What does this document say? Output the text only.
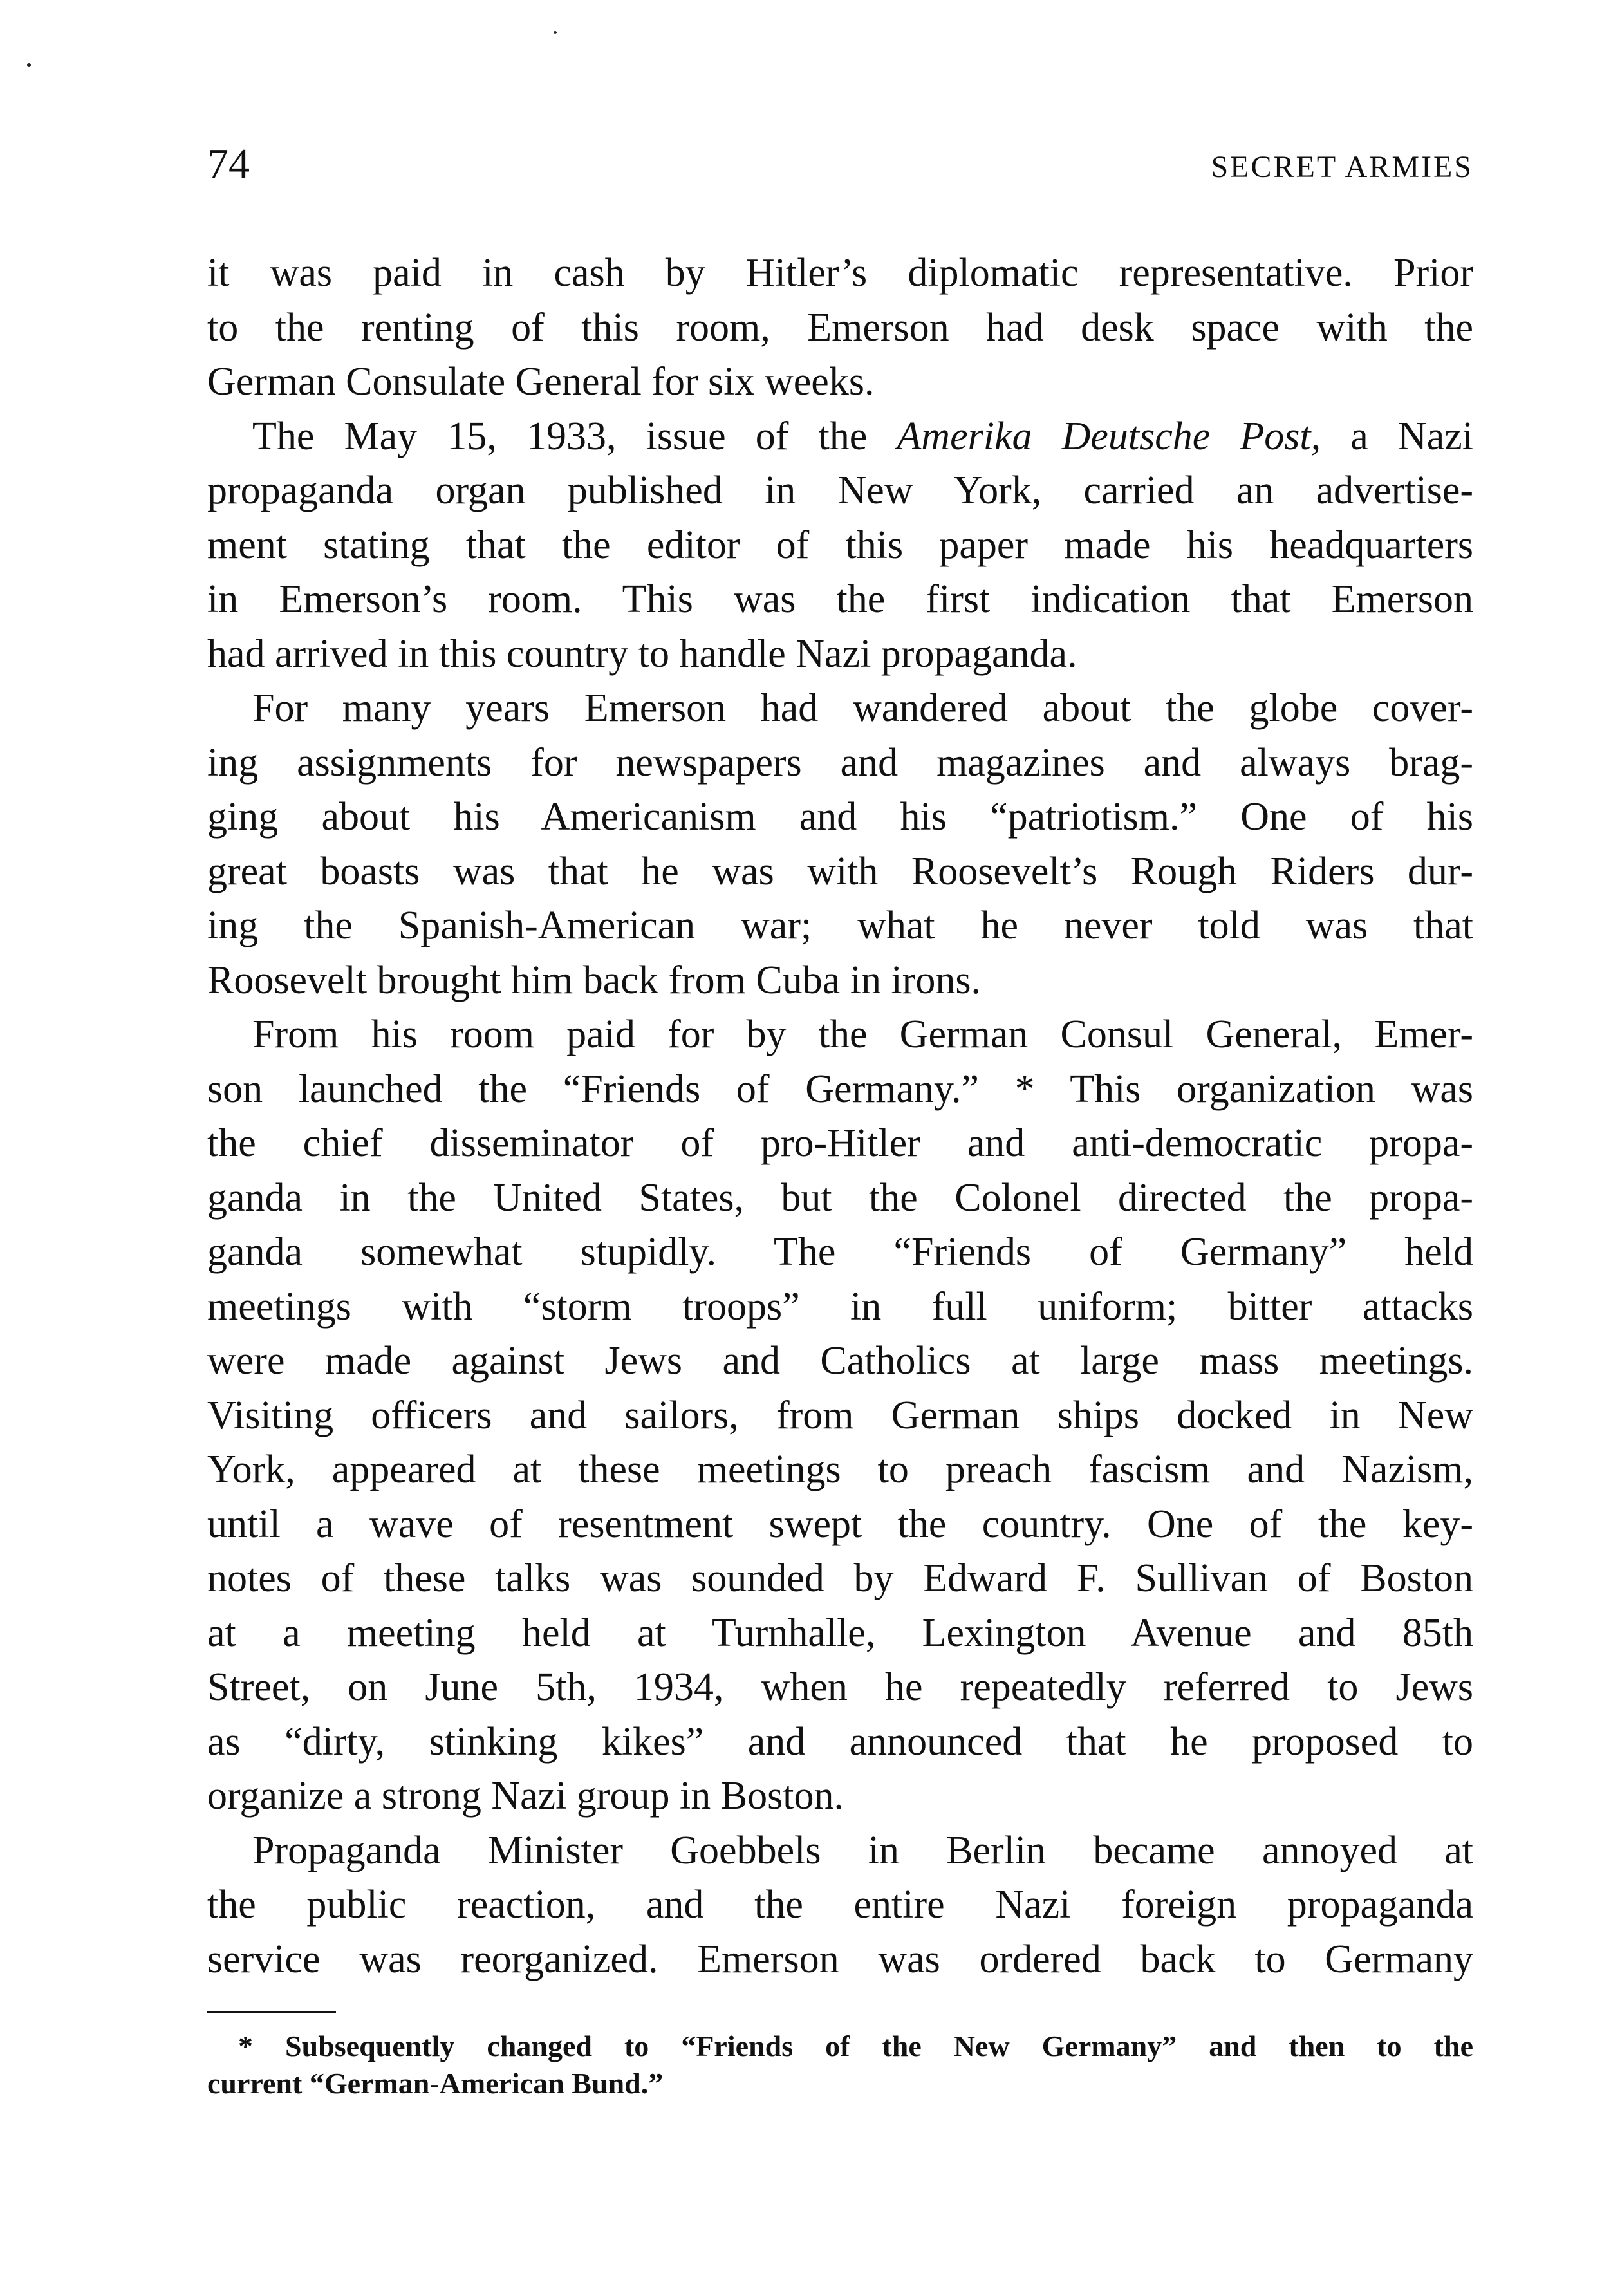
74	SECRET ARMIES
it was paid in cash by Hitler’s diplomatic representative. Prior
to the renting of this room, Emerson had desk space with the
German Consulate General for six weeks.
The May 15, 1933, issue of the Amerika Deutsche Post, a Nazi
propaganda organ published in New York, carried an advertise-
ment stating that the editor of this paper made his headquarters
in Emerson’s room. This was the first indication that Emerson
had arrived in this country to handle Nazi propaganda.
For many years Emerson had wandered about the globe cover-
ing assignments for newspapers and magazines and always brag-
ging about his Americanism and his “patriotism.” One of his
great boasts was that he was with Roosevelt’s Rough Riders dur-
ing the Spanish-American war; what he never told was that
Roosevelt brought him back from Cuba in irons.
From his room paid for by the German Consul General, Emer-
son launched the “Friends of Germany.” * This organization was
the chief disseminator of pro-Hitler and anti-democratic propa-
ganda in the United States, but the Colonel directed the propa-
ganda somewhat stupidly. The “Friends of Germany” held
meetings with “storm troops” in full uniform; bitter attacks
were made against Jews and Catholics at large mass meetings.
Visiting officers and sailors, from German ships docked in New
York, appeared at these meetings to preach fascism and Nazism,
until a wave of resentment swept the country. One of the key-
notes of these talks was sounded by Edward F. Sullivan of Boston
at a meeting held at Turnhalle, Lexington Avenue and 85th
Street, on June 5th, 1934, when he repeatedly referred to Jews
as “dirty, stinking kikes” and announced that he proposed to
organize a strong Nazi group in Boston.
Propaganda Minister Goebbels in Berlin became annoyed at
the public reaction, and the entire Nazi foreign propaganda
service was reorganized. Emerson was ordered back to Germany
* Subsequently changed to “Friends of the New Germany” and then to the
current “German-American Bund.”
